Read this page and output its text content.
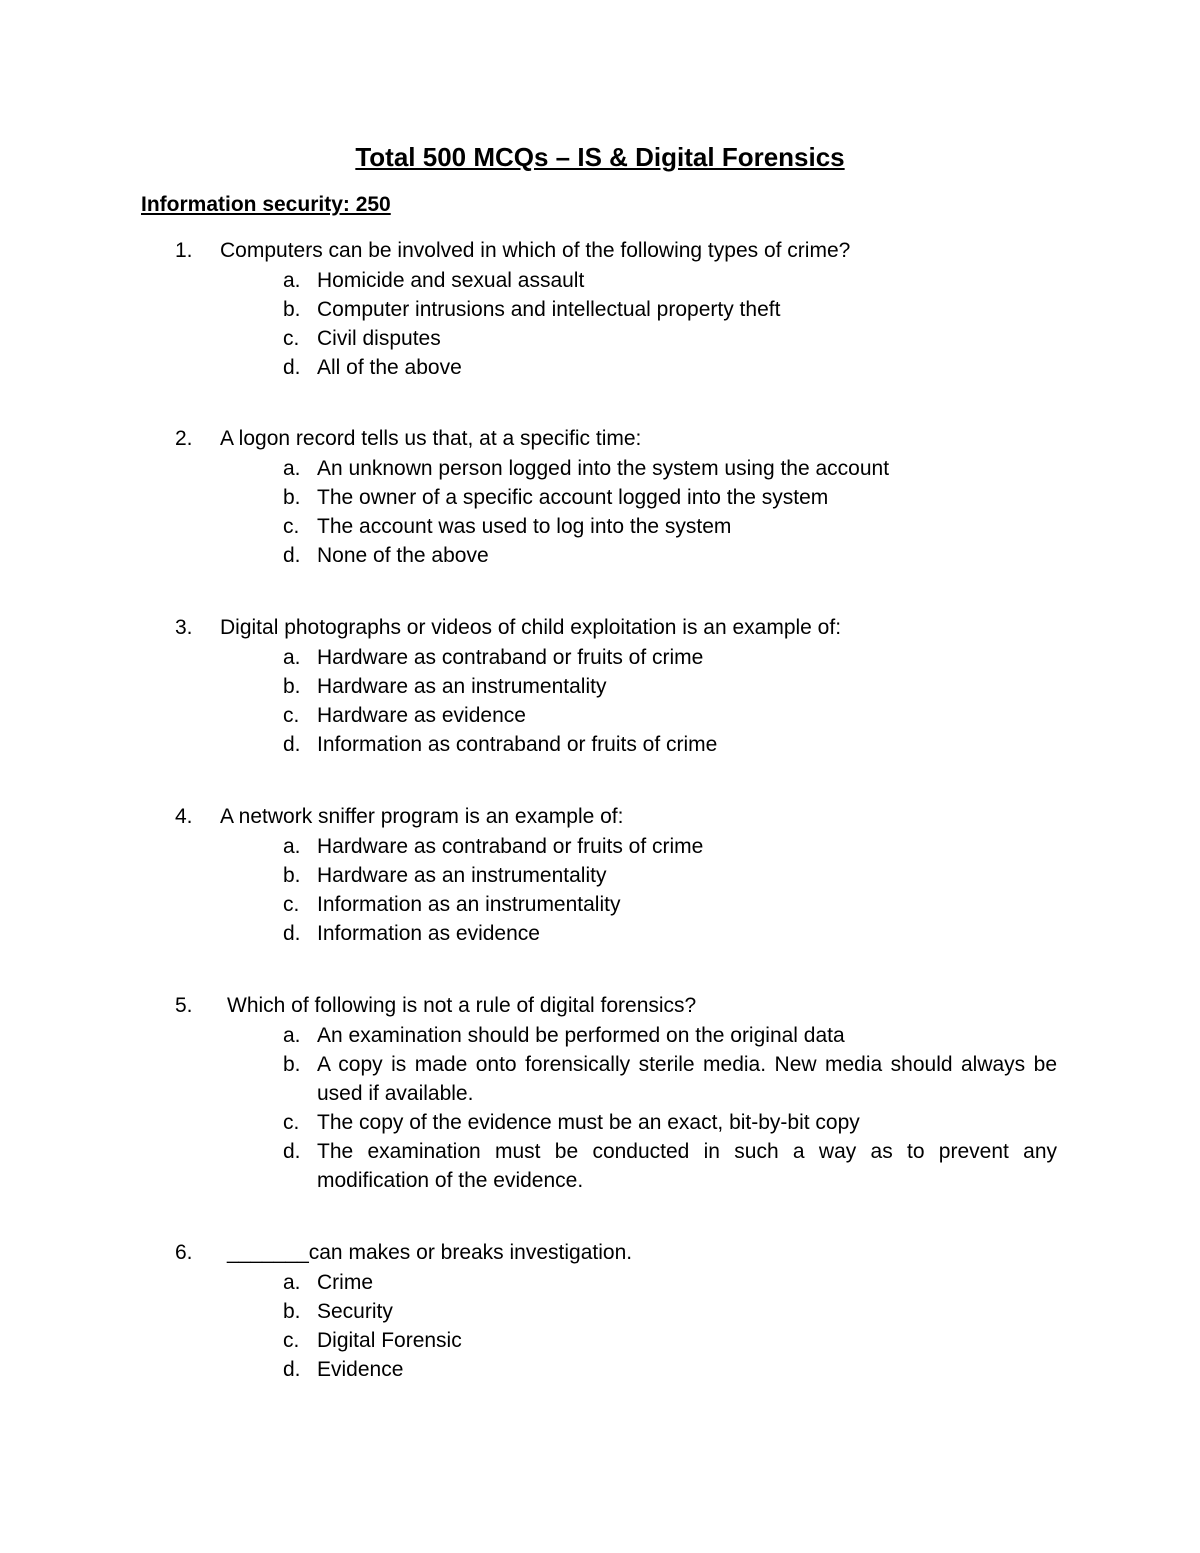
Total 500 MCQs – IS & Digital Forensics
Information security: 250
1. Computers can be involved in which of the following types of crime?
a. Homicide and sexual assault
b. Computer intrusions and intellectual property theft
c. Civil disputes
d. All of the above
2. A logon record tells us that, at a specific time:
a. An unknown person logged into the system using the account
b. The owner of a specific account logged into the system
c. The account was used to log into the system
d. None of the above
3. Digital photographs or videos of child exploitation is an example of:
a. Hardware as contraband or fruits of crime
b. Hardware as an instrumentality
c. Hardware as evidence
d. Information as contraband or fruits of crime
4. A network sniffer program is an example of:
a. Hardware as contraband or fruits of crime
b. Hardware as an instrumentality
c. Information as an instrumentality
d. Information as evidence
5. Which of following is not a rule of digital forensics?
a. An examination should be performed on the original data
b. A copy is made onto forensically sterile media. New media should always be used if available.
c. The copy of the evidence must be an exact, bit-by-bit copy
d. The examination must be conducted in such a way as to prevent any modification of the evidence.
6. _______can makes or breaks investigation.
a. Crime
b. Security
c. Digital Forensic
d. Evidence
